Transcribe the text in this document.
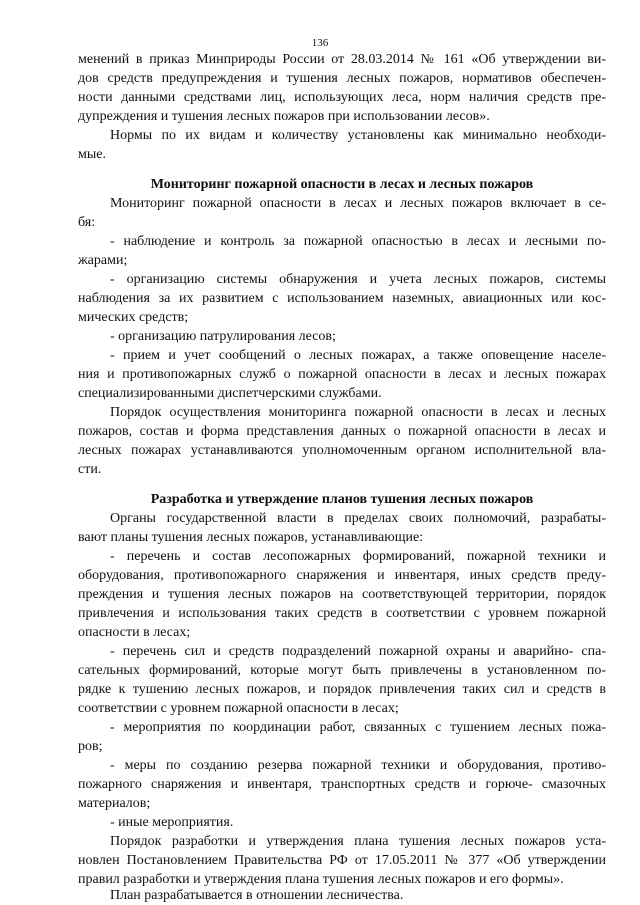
136
менений в приказ Минприроды России от 28.03.2014 № 161 «Об утверждении ви-
дов средств предупреждения и тушения лесных пожаров, нормативов обеспечен-
ности данными средствами лиц, использующих леса, норм наличия средств пре-
дупреждения и тушения лесных пожаров при использовании лесов».
Нормы по их видам и количеству установлены как минимально необходи-
мые.
Мониторинг пожарной опасности в лесах и лесных пожаров
Мониторинг пожарной опасности в лесах и лесных пожаров включает в се-
бя:
- наблюдение и контроль за пожарной опасностью в лесах и лесными по-
жарами;
- организацию системы обнаружения и учета лесных пожаров, системы
наблюдения за их развитием с использованием наземных, авиационных или кос-
мических средств;
- организацию патрулирования лесов;
- прием и учет сообщений о лесных пожарах, а также оповещение населе-
ния и противопожарных служб о пожарной опасности в лесах и лесных пожарах
специализированными диспетчерскими службами.
Порядок осуществления мониторинга пожарной опасности в лесах и лесных
пожаров, состав и форма представления данных о пожарной опасности в лесах и
лесных пожарах устанавливаются уполномоченным органом исполнительной вла-
сти.
Разработка и утверждение планов тушения лесных пожаров
Органы государственной власти в пределах своих полномочий, разрабаты-
вают планы тушения лесных пожаров, устанавливающие:
- перечень и состав лесопожарных формирований, пожарной техники и
оборудования, противопожарного снаряжения и инвентаря, иных средств преду-
преждения и тушения лесных пожаров на соответствующей территории, порядок
привлечения и использования таких средств в соответствии с уровнем пожарной
опасности в лесах;
- перечень сил и средств подразделений пожарной охраны и аварийно- спа-
сательных формирований, которые могут быть привлечены в установленном по-
рядке к тушению лесных пожаров, и порядок привлечения таких сил и средств в
соответствии с уровнем пожарной опасности в лесах;
- мероприятия по координации работ, связанных с тушением лесных пожа-
ров;
- меры по созданию резерва пожарной техники и оборудования, противо-
пожарного снаряжения и инвентаря, транспортных средств и горюче- смазочных
материалов;
- иные мероприятия.
Порядок разработки и утверждения плана тушения лесных пожаров уста-
новлен Постановлением Правительства РФ от 17.05.2011 № 377 «Об утверждении
правил разработки и утверждения плана тушения лесных пожаров и его формы».
План разрабатывается в отношении лесничества.
